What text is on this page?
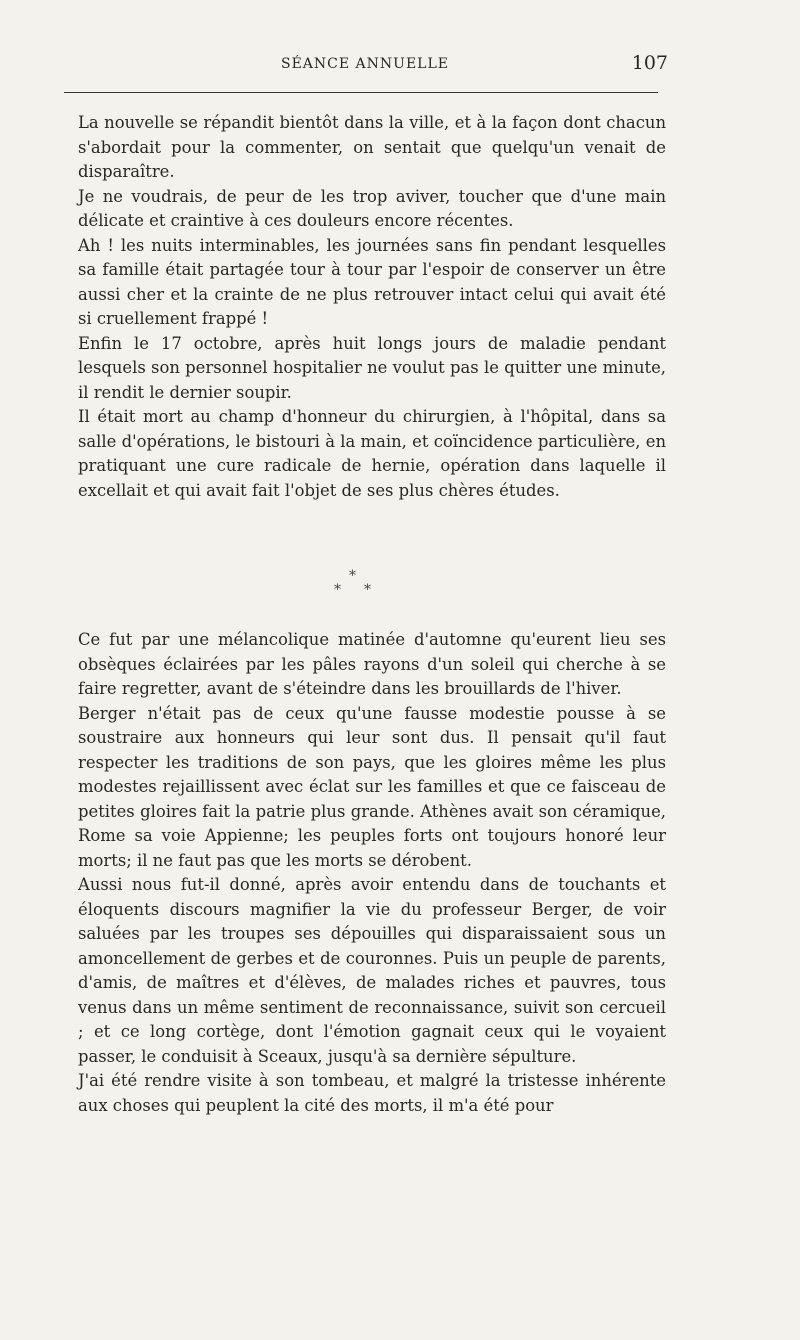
SÉANCE ANNUELLE	107

La nouvelle se répandit bientôt dans la ville, et à la façon dont chacun s'abordait pour la commenter, on sentait que quelqu'un venait de disparaître.

Je ne voudrais, de peur de les trop aviver, toucher que d'une main délicate et craintive à ces douleurs encore récentes.

Ah ! les nuits interminables, les journées sans fin pendant lesquelles sa famille était partagée tour à tour par l'espoir de conserver un être aussi cher et la crainte de ne plus retrouver intact celui qui avait été si cruellement frappé !

Enfin le 17 octobre, après huit longs jours de maladie pendant lesquels son personnel hospitalier ne voulut pas le quitter une minute, il rendit le dernier soupir.

Il était mort au champ d'honneur du chirurgien, à l'hôpital, dans sa salle d'opérations, le bistouri à la main, et coïncidence particulière, en pratiquant une cure radicale de hernie, opération dans laquelle il excellait et qui avait fait l'objet de ses plus chères études.

*
* *

Ce fut par une mélancolique matinée d'automne qu'eurent lieu ses obsèques éclairées par les pâles rayons d'un soleil qui cherche à se faire regretter, avant de s'éteindre dans les brouillards de l'hiver.

Berger n'était pas de ceux qu'une fausse modestie pousse à se soustraire aux honneurs qui leur sont dus. Il pensait qu'il faut respecter les traditions de son pays, que les gloires même les plus modestes rejaillissent avec éclat sur les familles et que ce faisceau de petites gloires fait la patrie plus grande. Athènes avait son céramique, Rome sa voie Appienne; les peuples forts ont toujours honoré leur morts; il ne faut pas que les morts se dérobent.

Aussi nous fut-il donné, après avoir entendu dans de touchants et éloquents discours magnifier la vie du professeur Berger, de voir saluées par les troupes ses dépouilles qui disparaissaient sous un amoncellement de gerbes et de couronnes. Puis un peuple de parents, d'amis, de maîtres et d'élèves, de malades riches et pauvres, tous venus dans un même sentiment de reconnaissance, suivit son cercueil ; et ce long cortège, dont l'émotion gagnait ceux qui le voyaient passer, le conduisit à Sceaux, jusqu'à sa dernière sépulture.

J'ai été rendre visite à son tombeau, et malgré la tristesse inhérente aux choses qui peuplent la cité des morts, il m'a été pour
